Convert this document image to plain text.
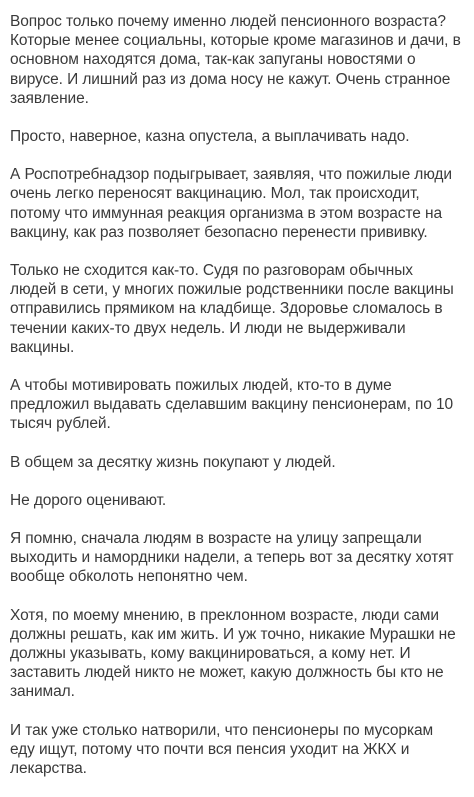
Вопрос только почему именно людей пенсионного возраста? Которые менее социальны, которые кроме магазинов и дачи, в основном находятся дома, так-как запуганы новостями о вирусе. И лишний раз из дома носу не кажут. Очень странное заявление.

Просто, наверное, казна опустела, а выплачивать надо.

А Роспотребнадзор подыгрывает, заявляя, что пожилые люди очень легко переносят вакцинацию. Мол, так происходит, потому что иммунная реакция организма в этом возрасте на вакцину, как раз позволяет безопасно перенести прививку.

Только не сходится как-то. Судя по разговорам обычных людей в сети, у многих пожилые родственники после вакцины отправились прямиком на кладбище. Здоровье сломалось в течении каких-то двух недель. И люди не выдерживали вакцины.

А чтобы мотивировать пожилых людей, кто-то в думе предложил выдавать сделавшим вакцину пенсионерам, по 10 тысяч рублей.

В общем за десятку жизнь покупают у людей.

Не дорого оценивают.

Я помню, сначала людям в возрасте на улицу запрещали выходить и намордники надели, а теперь вот за десятку хотят вообще обколоть непонятно чем.

Хотя, по моему мнению, в преклонном возрасте, люди сами должны решать, как им жить. И уж точно, никакие Мурашки не должны указывать, кому вакцинироваться, а кому нет. И заставить людей никто не может, какую должность бы кто не занимал.

И так уже столько натворили, что пенсионеры по мусоркам еду ищут, потому что почти вся пенсия уходит на ЖКХ и лекарства.
